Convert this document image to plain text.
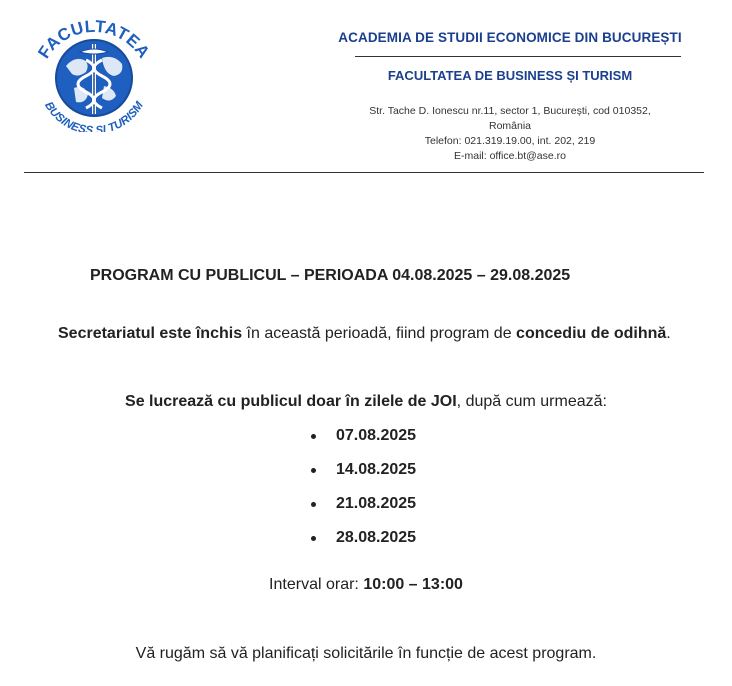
FACULTATEA
BUSINESS ȘI TURISM
ACADEMIA DE STUDII ECONOMICE DIN BUCUREȘTI
FACULTATEA DE BUSINESS ȘI TURISM
Str. Tache D. Ionescu nr.11, sector 1, București, cod 010352,
România
Telefon: 021.319.19.00, int. 202, 219
E-mail: office.bt@ase.ro
PROGRAM CU PUBLICUL – PERIOADA 04.08.2025 – 29.08.2025
Secretariatul este închis în această perioadă, fiind program de concediu de odihnă.
Se lucrează cu publicul doar în zilele de JOI, după cum urmează:
07.08.2025
14.08.2025
21.08.2025
28.08.2025
Interval orar: 10:00 – 13:00
Vă rugăm să vă planificați solicitările în funcție de acest program.
